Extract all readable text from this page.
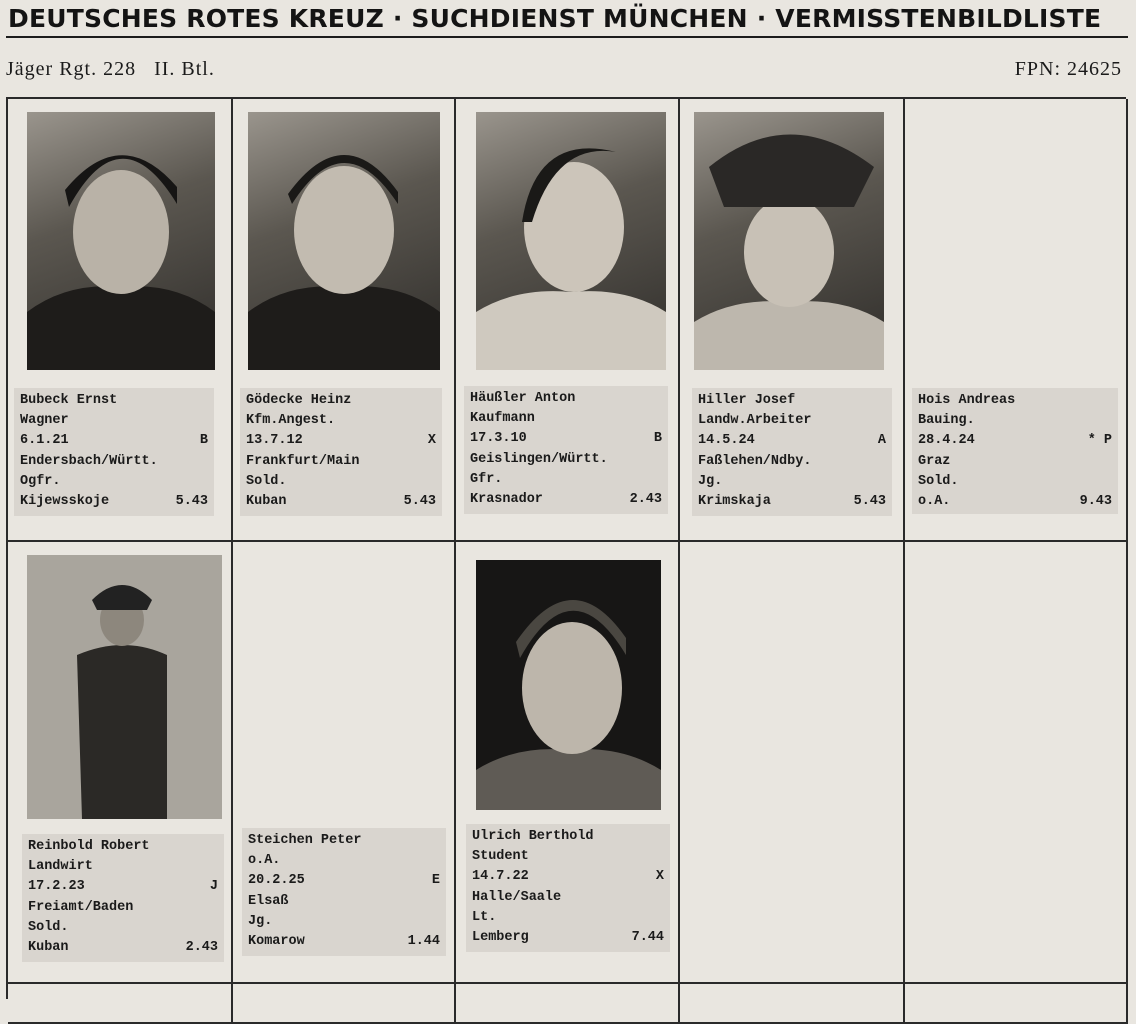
DEUTSCHES ROTES KREUZ · SUCHDIENST MÜNCHEN · VERMISSTENBILDLISTE
Jäger Rgt. 228   II. Btl.	FPN: 24625
Bubeck Ernst
Wagner
6.1.21	B
Endersbach/Württ.
Ogfr.
Kijewsskoje	5.43
Gödecke Heinz
Kfm.Angest.
13.7.12	X
Frankfurt/Main
Sold.
Kuban	5.43
Häußler Anton
Kaufmann
17.3.10	B
Geislingen/Württ.
Gfr.
Krasnador	2.43
Hiller Josef
Landw.Arbeiter
14.5.24	A
Faßlehen/Ndby.
Jg.
Krimskaja	5.43
Hois Andreas
Bauing.
28.4.24	* P
Graz
Sold.
o.A.	9.43
Reinbold Robert
Landwirt
17.2.23	J
Freiamt/Baden
Sold.
Kuban	2.43
Steichen Peter
o.A.
20.2.25	E
Elsaß
Jg.
Komarow	1.44
Ulrich Berthold
Student
14.7.22	X
Halle/Saale
Lt.
Lemberg	7.44
